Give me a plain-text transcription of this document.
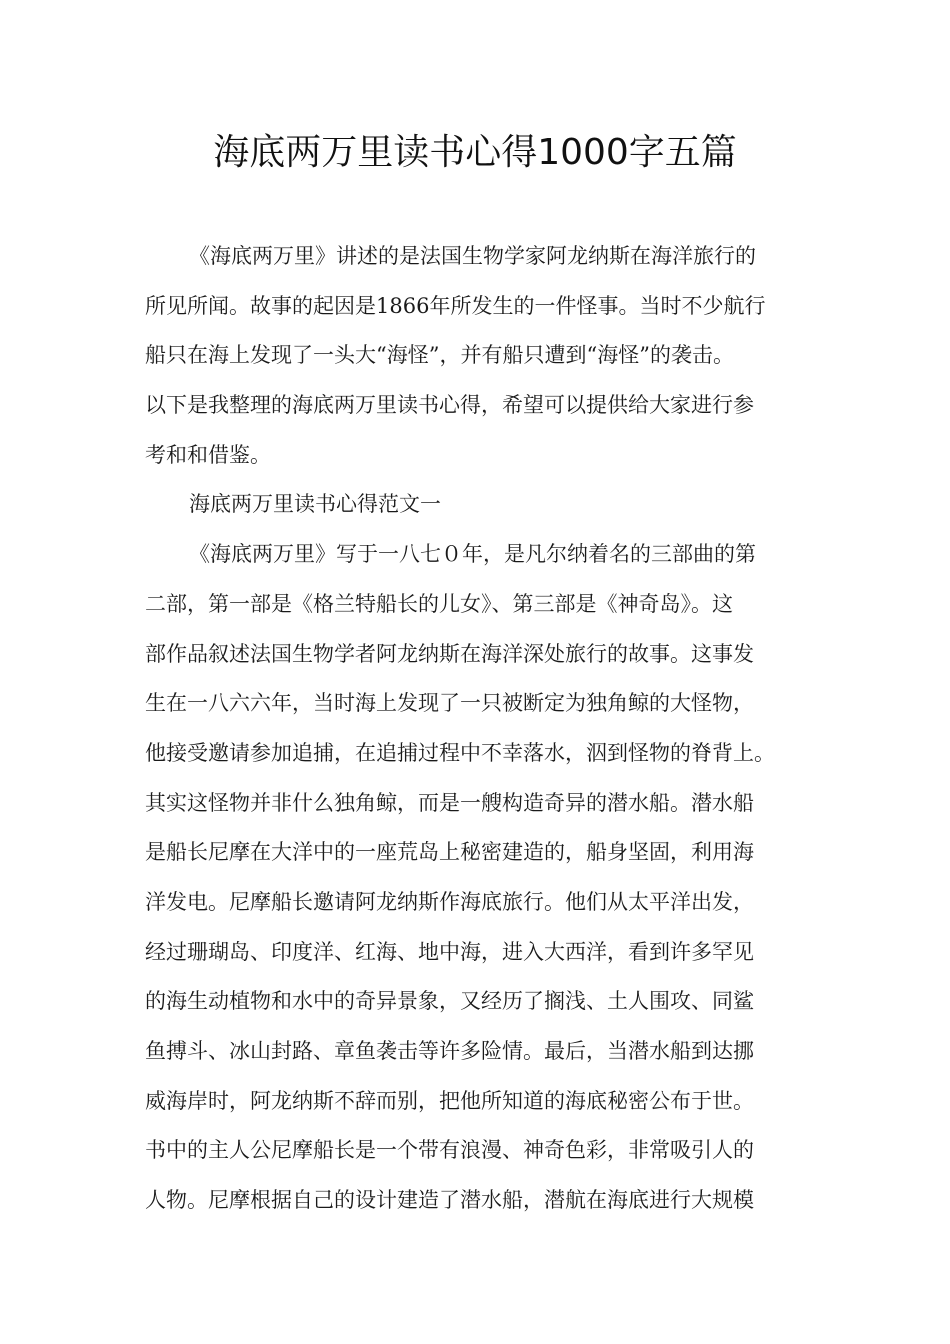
海底两万里读书心得1000字五篇
《海底两万里》讲述的是法国生物学家阿龙纳斯在海洋旅行的
所见所闻。故事的起因是1866年所发生的一件怪事。当时不少航行
船只在海上发现了一头大“海怪”，并有船只遭到“海怪”的袭击。
以下是我整理的海底两万里读书心得，希望可以提供给大家进行参
考和和借鉴。
海底两万里读书心得范文一
《海底两万里》写于一八七０年，是凡尔纳着名的三部曲的第
二部，第一部是《格兰特船长的儿女》、第三部是《神奇岛》。这
部作品叙述法国生物学者阿龙纳斯在海洋深处旅行的故事。这事发
生在一八六六年，当时海上发现了一只被断定为独角鲸的大怪物，
他接受邀请参加追捕，在追捕过程中不幸落水，泅到怪物的脊背上。
其实这怪物并非什么独角鲸，而是一艘构造奇异的潜水船。潜水船
是船长尼摩在大洋中的一座荒岛上秘密建造的，船身坚固，利用海
洋发电。尼摩船长邀请阿龙纳斯作海底旅行。他们从太平洋出发，
经过珊瑚岛、印度洋、红海、地中海，进入大西洋，看到许多罕见
的海生动植物和水中的奇异景象，又经历了搁浅、土人围攻、同鲨
鱼搏斗、冰山封路、章鱼袭击等许多险情。最后，当潜水船到达挪
威海岸时，阿龙纳斯不辞而别，把他所知道的海底秘密公布于世。
书中的主人公尼摩船长是一个带有浪漫、神奇色彩，非常吸引人的
人物。尼摩根据自己的设计建造了潜水船，潜航在海底进行大规模
